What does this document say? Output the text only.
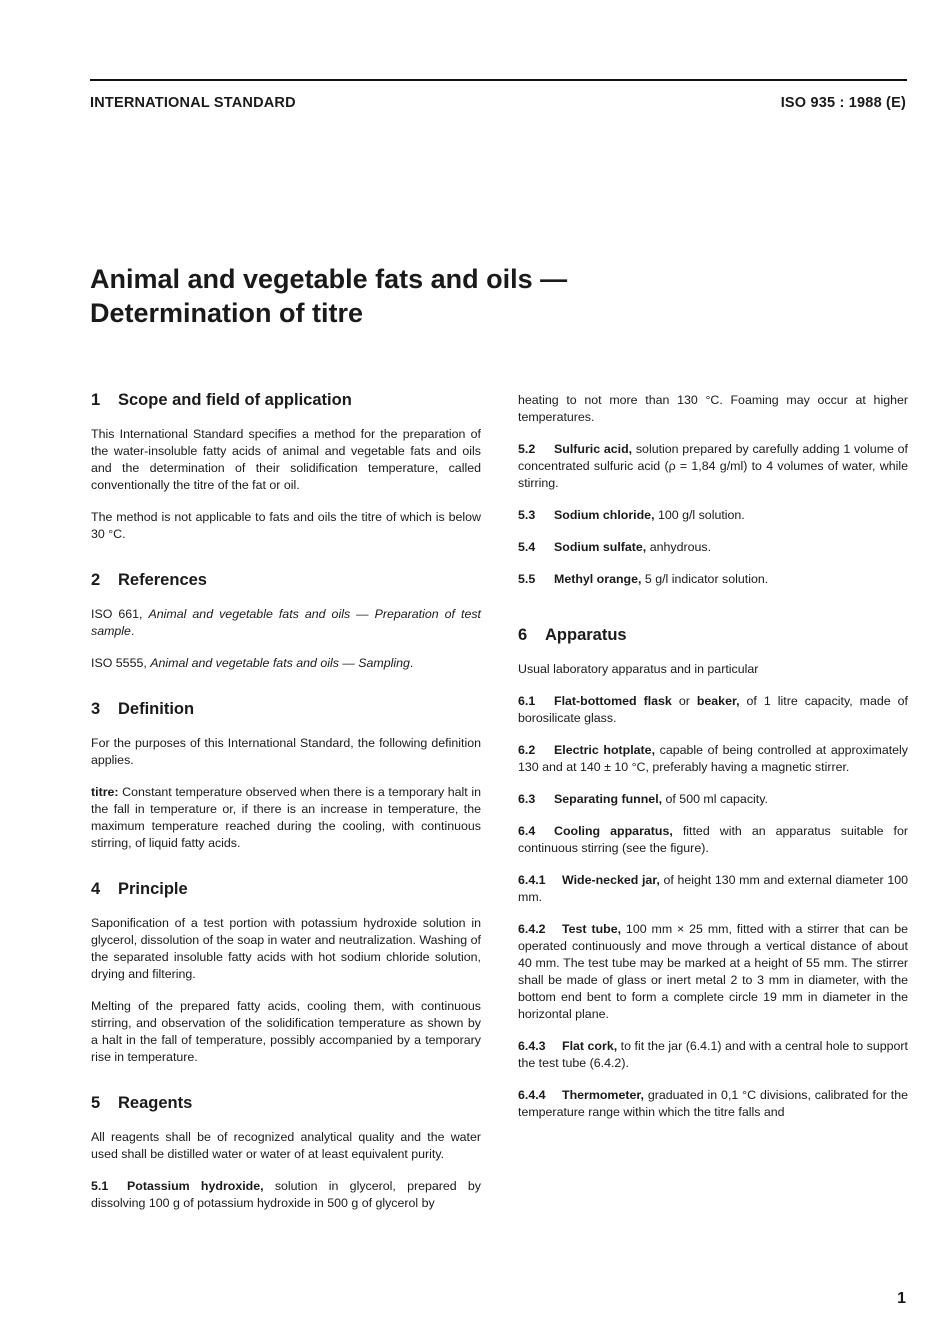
INTERNATIONAL STANDARD	ISO 935 : 1988 (E)
Animal and vegetable fats and oils —
Determination of titre
1	Scope and field of application

This International Standard specifies a method for the preparation of the water-insoluble fatty acids of animal and vegetable fats and oils and the determination of their solidification temperature, called conventionally the titre of the fat or oil.

The method is not applicable to fats and oils the titre of which is below 30 °C.

2	References

ISO 661, Animal and vegetable fats and oils — Preparation of test sample.

ISO 5555, Animal and vegetable fats and oils — Sampling.

3	Definition

For the purposes of this International Standard, the following definition applies.

titre: Constant temperature observed when there is a temporary halt in the fall in temperature or, if there is an increase in temperature, the maximum temperature reached during the cooling, with continuous stirring, of liquid fatty acids.

4	Principle

Saponification of a test portion with potassium hydroxide solution in glycerol, dissolution of the soap in water and neutralization. Washing of the separated insoluble fatty acids with hot sodium chloride solution, drying and filtering.

Melting of the prepared fatty acids, cooling them, with continuous stirring, and observation of the solidification temperature as shown by a halt in the fall of temperature, possibly accompanied by a temporary rise in temperature.

5	Reagents

All reagents shall be of recognized analytical quality and the water used shall be distilled water or water of at least equivalent purity.

5.1 Potassium hydroxide, solution in glycerol, prepared by dissolving 100 g of potassium hydroxide in 500 g of glycerol by

heating to not more than 130 °C. Foaming may occur at higher temperatures.

5.2 Sulfuric acid, solution prepared by carefully adding 1 volume of concentrated sulfuric acid (ρ = 1,84 g/ml) to 4 volumes of water, while stirring.

5.3 Sodium chloride, 100 g/l solution.

5.4 Sodium sulfate, anhydrous.

5.5 Methyl orange, 5 g/l indicator solution.

6	Apparatus

Usual laboratory apparatus and in particular

6.1 Flat-bottomed flask or beaker, of 1 litre capacity, made of borosilicate glass.

6.2 Electric hotplate, capable of being controlled at approximately 130 and at 140 ± 10 °C, preferably having a magnetic stirrer.

6.3 Separating funnel, of 500 ml capacity.

6.4 Cooling apparatus, fitted with an apparatus suitable for continuous stirring (see the figure).

6.4.1 Wide-necked jar, of height 130 mm and external diameter 100 mm.

6.4.2 Test tube, 100 mm × 25 mm, fitted with a stirrer that can be operated continuously and move through a vertical distance of about 40 mm. The test tube may be marked at a height of 55 mm. The stirrer shall be made of glass or inert metal 2 to 3 mm in diameter, with the bottom end bent to form a complete circle 19 mm in diameter in the horizontal plane.

6.4.3 Flat cork, to fit the jar (6.4.1) and with a central hole to support the test tube (6.4.2).

6.4.4 Thermometer, graduated in 0,1 °C divisions, calibrated for the temperature range within which the titre falls and

1
